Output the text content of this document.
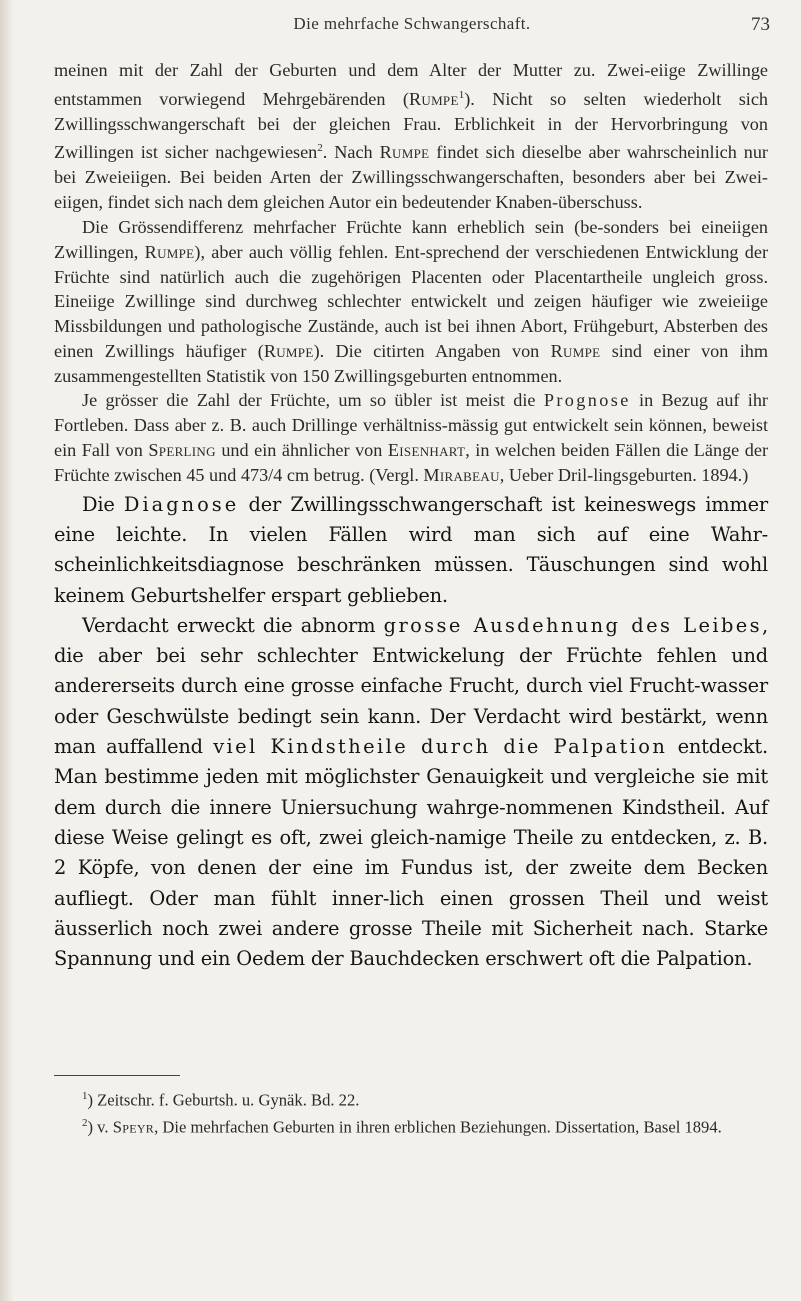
Die mehrfache Schwangerschaft.	73

meinen mit der Zahl der Geburten und dem Alter der Mutter zu. Zwei-eiige Zwillinge entstammen vorwiegend Mehrgebärenden (Rumpe$^1$). Nicht so selten wiederholt sich Zwillingsschwangerschaft bei der gleichen Frau. Erblichkeit in der Hervorbringung von Zwillingen ist sicher nachgewiesen$^2$. Nach Rumpe findet sich dieselbe aber wahrscheinlich nur bei Zweieiigen. Bei beiden Arten der Zwillingsschwangerschaften, besonders aber bei Zwei-eiigen, findet sich nach dem gleichen Autor ein bedeutender Knaben-überschuss.

Die Grössendifferenz mehrfacher Früchte kann erheblich sein (be-sonders bei eineiigen Zwillingen, Rumpe), aber auch völlig fehlen. Ent-sprechend der verschiedenen Entwicklung der Früchte sind natürlich auch die zugehörigen Placenten oder Placentartheile ungleich gross. Eineiige Zwillinge sind durchweg schlechter entwickelt und zeigen häufiger wie zweieiige Missbildungen und pathologische Zustände, auch ist bei ihnen Abort, Frühgeburt, Absterben des einen Zwillings häufiger (Rumpe). Die citirten Angaben von Rumpe sind einer von ihm zusammengestellten Statistik von 150 Zwillingsgeburten entnommen.

Je grösser die Zahl der Früchte, um so übler ist meist die Prognose in Bezug auf ihr Fortleben. Dass aber z. B. auch Drillinge verhältniss-mässig gut entwickelt sein können, beweist ein Fall von Sperling und ein ähnlicher von Eisenhart, in welchen beiden Fällen die Länge der Früchte zwischen 45 und 473/4 cm betrug. (Vergl. Mirabeau, Ueber Dril-lingsgeburten. 1894.)

Die Diagnose der Zwillingsschwangerschaft ist keineswegs immer eine leichte. In vielen Fällen wird man sich auf eine Wahr-scheinlichkeitsdiagnose beschränken müssen. Täuschungen sind wohl keinem Geburtshelfer erspart geblieben.

Verdacht erweckt die abnorm grosse Ausdehnung des Leibes, die aber bei sehr schlechter Entwickelung der Früchte fehlen und andererseits durch eine grosse einfache Frucht, durch viel Frucht-wasser oder Geschwülste bedingt sein kann. Der Verdacht wird bestärkt, wenn man auffallend viel Kindstheile durch die Palpation entdeckt. Man bestimme jeden mit möglichster Genauigkeit und vergleiche sie mit dem durch die innere Uniersuchung wahrge-nommenen Kindstheil. Auf diese Weise gelingt es oft, zwei gleich-namige Theile zu entdecken, z. B. 2 Köpfe, von denen der eine im Fundus ist, der zweite dem Becken aufliegt. Oder man fühlt inner-lich einen grossen Theil und weist äusserlich noch zwei andere grosse Theile mit Sicherheit nach. Starke Spannung und ein Oedem der Bauchdecken erschwert oft die Palpation.

$^1$) Zeitschr. f. Geburtsh. u. Gynäk. Bd. 22.

$^2$) v. Speyr, Die mehrfachen Geburten in ihren erblichen Beziehungen. Dissertation, Basel 1894.
